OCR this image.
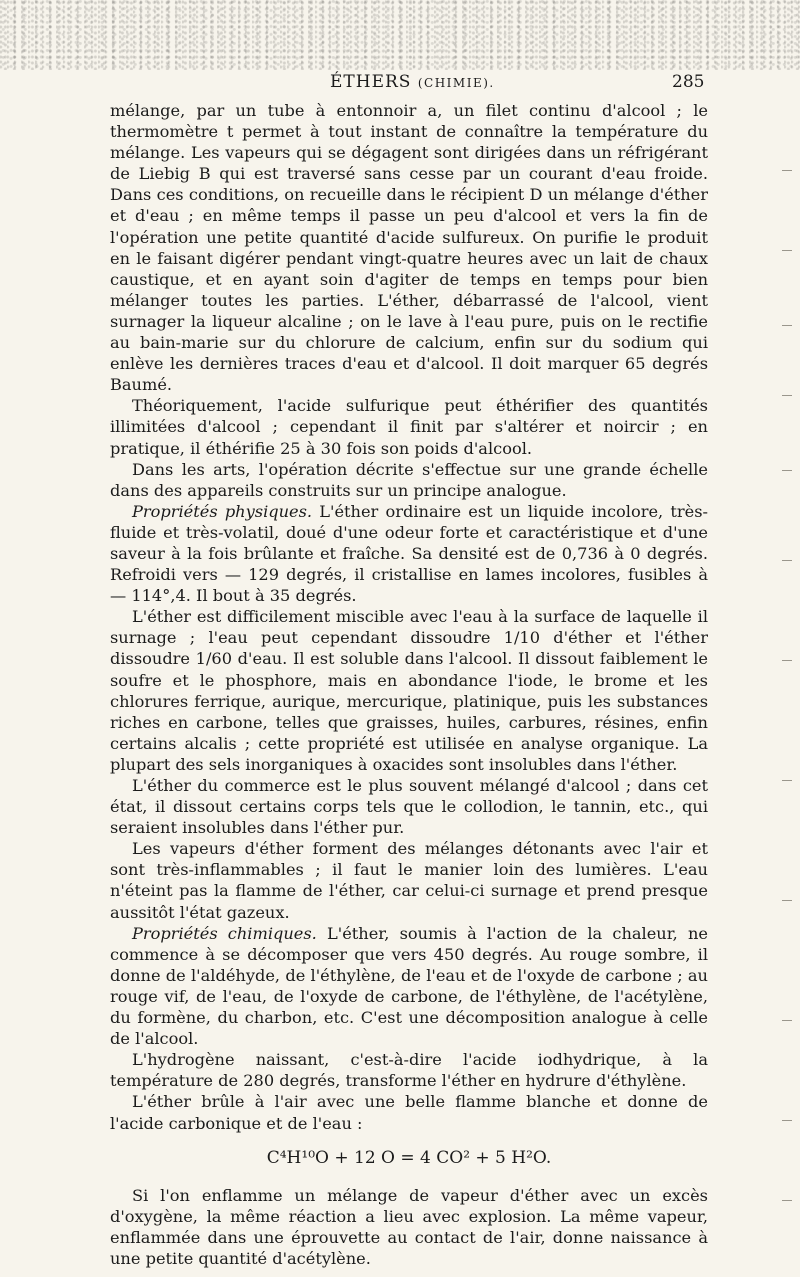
ÉTHERS (CHIMIE).	285

mélange, par un tube à entonnoir a, un filet continu d'alcool ; le thermomètre t permet à tout instant de connaître la température du mélange. Les vapeurs qui se dégagent sont dirigées dans un réfrigérant de Liebig B qui est traversé sans cesse par un courant d'eau froide. Dans ces conditions, on recueille dans le récipient D un mélange d'éther et d'eau ; en même temps il passe un peu d'alcool et vers la fin de l'opération une petite quantité d'acide sulfureux. On purifie le produit en le faisant digérer pendant vingt-quatre heures avec un lait de chaux caustique, et en ayant soin d'agiter de temps en temps pour bien mélanger toutes les parties. L'éther, débarrassé de l'alcool, vient surnager la liqueur alcaline ; on le lave à l'eau pure, puis on le rectifie au bain-marie sur du chlorure de calcium, enfin sur du sodium qui enlève les dernières traces d'eau et d'alcool. Il doit marquer 65 degrés Baumé.

Théoriquement, l'acide sulfurique peut éthérifier des quantités illimitées d'alcool ; cependant il finit par s'altérer et noircir ; en pratique, il éthérifie 25 à 30 fois son poids d'alcool.

Dans les arts, l'opération décrite s'effectue sur une grande échelle dans des appareils construits sur un principe analogue.

Propriétés physiques. L'éther ordinaire est un liquide incolore, très-fluide et très-volatil, doué d'une odeur forte et caractéristique et d'une saveur à la fois brûlante et fraîche. Sa densité est de 0,736 à 0 degrés. Refroidi vers — 129 degrés, il cristallise en lames incolores, fusibles à — 114°,4. Il bout à 35 degrés.

L'éther est difficilement miscible avec l'eau à la surface de laquelle il surnage ; l'eau peut cependant dissoudre 1/10 d'éther et l'éther dissoudre 1/60 d'eau. Il est soluble dans l'alcool. Il dissout faiblement le soufre et le phosphore, mais en abondance l'iode, le brome et les chlorures ferrique, aurique, mercurique, platinique, puis les substances riches en carbone, telles que graisses, huiles, carbures, résines, enfin certains alcalis ; cette propriété est utilisée en analyse organique. La plupart des sels inorganiques à oxacides sont insolubles dans l'éther.

L'éther du commerce est le plus souvent mélangé d'alcool ; dans cet état, il dissout certains corps tels que le collodion, le tannin, etc., qui seraient insolubles dans l'éther pur.

Les vapeurs d'éther forment des mélanges détonants avec l'air et sont très-inflammables ; il faut le manier loin des lumières. L'eau n'éteint pas la flamme de l'éther, car celui-ci surnage et prend presque aussitôt l'état gazeux.

Propriétés chimiques. L'éther, soumis à l'action de la chaleur, ne commence à se décomposer que vers 450 degrés. Au rouge sombre, il donne de l'aldéhyde, de l'éthylène, de l'eau et de l'oxyde de carbone ; au rouge vif, de l'eau, de l'oxyde de carbone, de l'éthylène, de l'acétylène, du formène, du charbon, etc. C'est une décomposition analogue à celle de l'alcool.

L'hydrogène naissant, c'est-à-dire l'acide iodhydrique, à la température de 280 degrés, transforme l'éther en hydrure d'éthylène.

L'éther brûle à l'air avec une belle flamme blanche et donne de l'acide carbonique et de l'eau :

C⁴H¹⁰O + 12 O = 4 CO² + 5 H²O.

Si l'on enflamme un mélange de vapeur d'éther avec un excès d'oxygène, la même réaction a lieu avec explosion. La même vapeur, enflammée dans une éprouvette au contact de l'air, donne naissance à une petite quantité d'acétylène.
